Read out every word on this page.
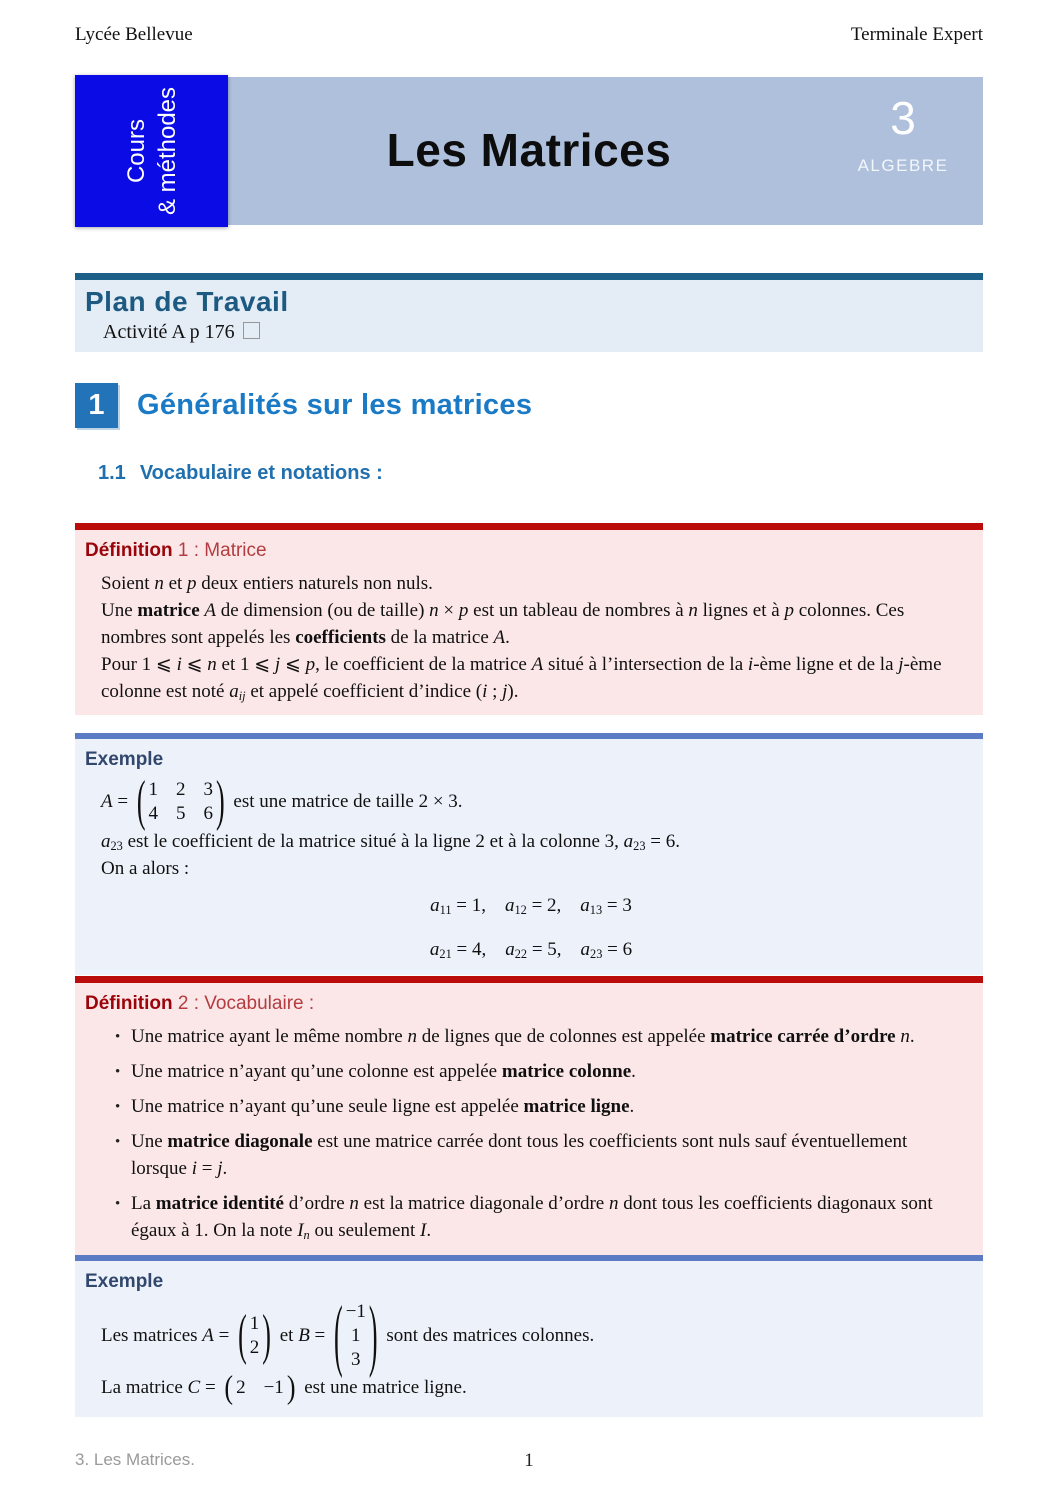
Lycée Bellevue	Terminale Expert
Cours & méthodes	Les Matrices
3
ALGEBRE
Plan de Travail
Activité A p 176
1	Généralités sur les matrices
1.1 Vocabulaire et notations :
Définition 1 : Matrice

Soient n et p deux entiers naturels non nuls.

Une matrice A de dimension (ou de taille) n × p est un tableau de nombres à n lignes et à p colonnes. Ces nombres sont appelés les coefficients de la matrice A.

Pour 1 ⩽ i ⩽ n et 1 ⩽ j ⩽ p, le coefficient de la matrice A situé à l’intersection de la i-ème ligne et de la j-ème colonne est noté $a_{ij}$ et appelé coefficient d’indice (i ; j).

Exemple
A = ( 1 2 3
4 5 6 ) est une matrice de taille 2 × 3.
$a_{23}$ est le coefficient de la matrice situé à la ligne 2 et à la colonne 3, $a_{23} = 6$.
On a alors :
$a_{11} = 1$,  $a_{12} = 2$,  $a_{13} = 3$
$a_{21} = 4$,  $a_{22} = 5$,  $a_{23} = 6$
Définition 2 : Vocabulaire :
• Une matrice ayant le même nombre n de lignes que de colonnes est appelée matrice carrée d’ordre n.
• Une matrice n’ayant qu’une colonne est appelée matrice colonne.
• Une matrice n’ayant qu’une seule ligne est appelée matrice ligne.
• Une matrice diagonale est une matrice carrée dont tous les coefficients sont nuls sauf éventuellement lorsque i = j.
• La matrice identité d’ordre n est la matrice diagonale d’ordre n dont tous les coefficients diagonaux sont égaux à 1. On la note $I_n$ ou seulement I.
Exemple
Les matrices A = ( 1
2 ) et B = ( −1
1
3 ) sont des matrices colonnes.
La matrice C = ( 2 −1 ) est une matrice ligne.
3. Les Matrices.	1
